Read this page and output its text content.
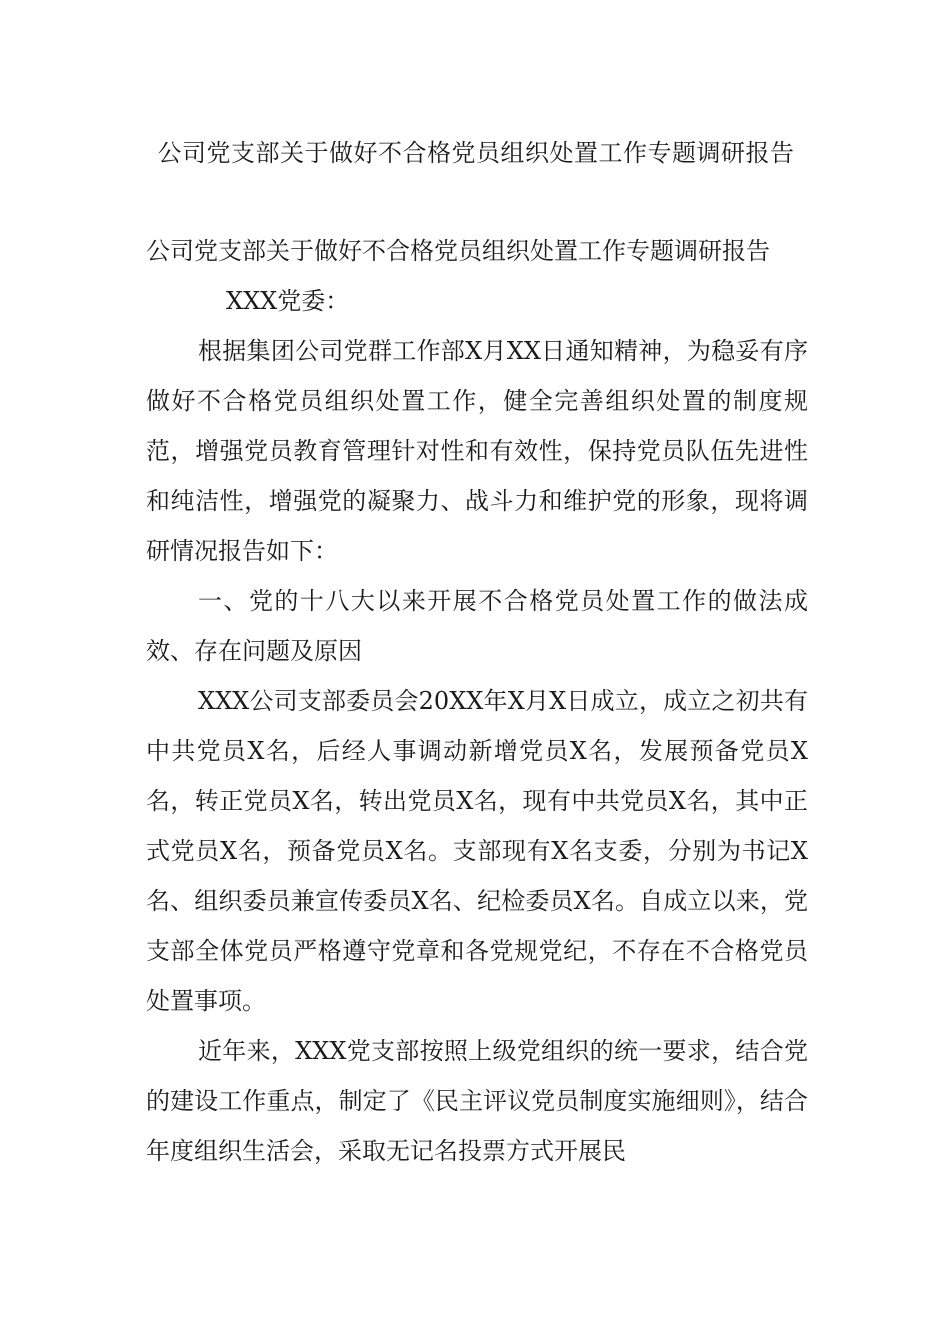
公司党支部关于做好不合格党员组织处置工作专题调研报告

公司党支部关于做好不合格党员组织处置工作专题调研报告

XXX党委：

根据集团公司党群工作部X月XX日通知精神，为稳妥有序做好不合格党员组织处置工作，健全完善组织处置的制度规范，增强党员教育管理针对性和有效性，保持党员队伍先进性和纯洁性，增强党的凝聚力、战斗力和维护党的形象，现将调研情况报告如下：

一、党的十八大以来开展不合格党员处置工作的做法成效、存在问题及原因

XXX公司支部委员会20XX年X月X日成立，成立之初共有中共党员X名，后经人事调动新增党员X名，发展预备党员X名，转正党员X名，转出党员X名，现有中共党员X名，其中正式党员X名，预备党员X名。支部现有X名支委，分别为书记X名、组织委员兼宣传委员X名、纪检委员X名。自成立以来，党支部全体党员严格遵守党章和各党规党纪，不存在不合格党员处置事项。

近年来，XXX党支部按照上级党组织的统一要求，结合党的建设工作重点，制定了《民主评议党员制度实施细则》，结合年度组织生活会，采取无记名投票方式开展民
